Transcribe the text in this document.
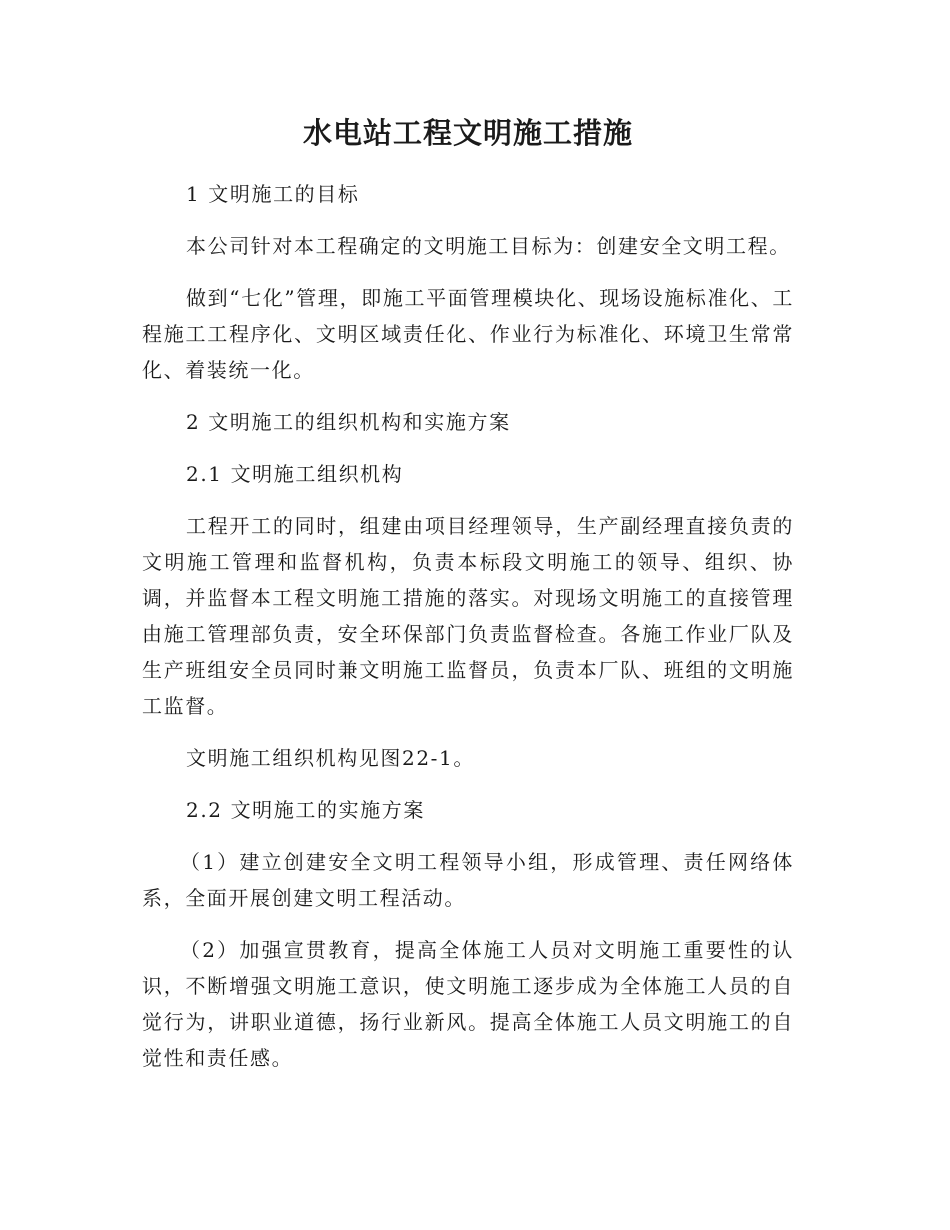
水电站工程文明施工措施

1 文明施工的目标

本公司针对本工程确定的文明施工目标为：创建安全文明工程。

做到“七化”管理，即施工平面管理模块化、现场设施标准化、工程施工工程序化、文明区域责任化、作业行为标准化、环境卫生常常化、着装统一化。

2 文明施工的组织机构和实施方案

2.1 文明施工组织机构

工程开工的同时，组建由项目经理领导，生产副经理直接负责的文明施工管理和监督机构，负责本标段文明施工的领导、组织、协调，并监督本工程文明施工措施的落实。对现场文明施工的直接管理由施工管理部负责，安全环保部门负责监督检查。各施工作业厂队及生产班组安全员同时兼文明施工监督员，负责本厂队、班组的文明施工监督。

文明施工组织机构见图22-1。

2.2 文明施工的实施方案

（1）建立创建安全文明工程领导小组，形成管理、责任网络体系，全面开展创建文明工程活动。

（2）加强宣贯教育，提高全体施工人员对文明施工重要性的认识，不断增强文明施工意识，使文明施工逐步成为全体施工人员的自觉行为，讲职业道德，扬行业新风。提高全体施工人员文明施工的自觉性和责任感。
